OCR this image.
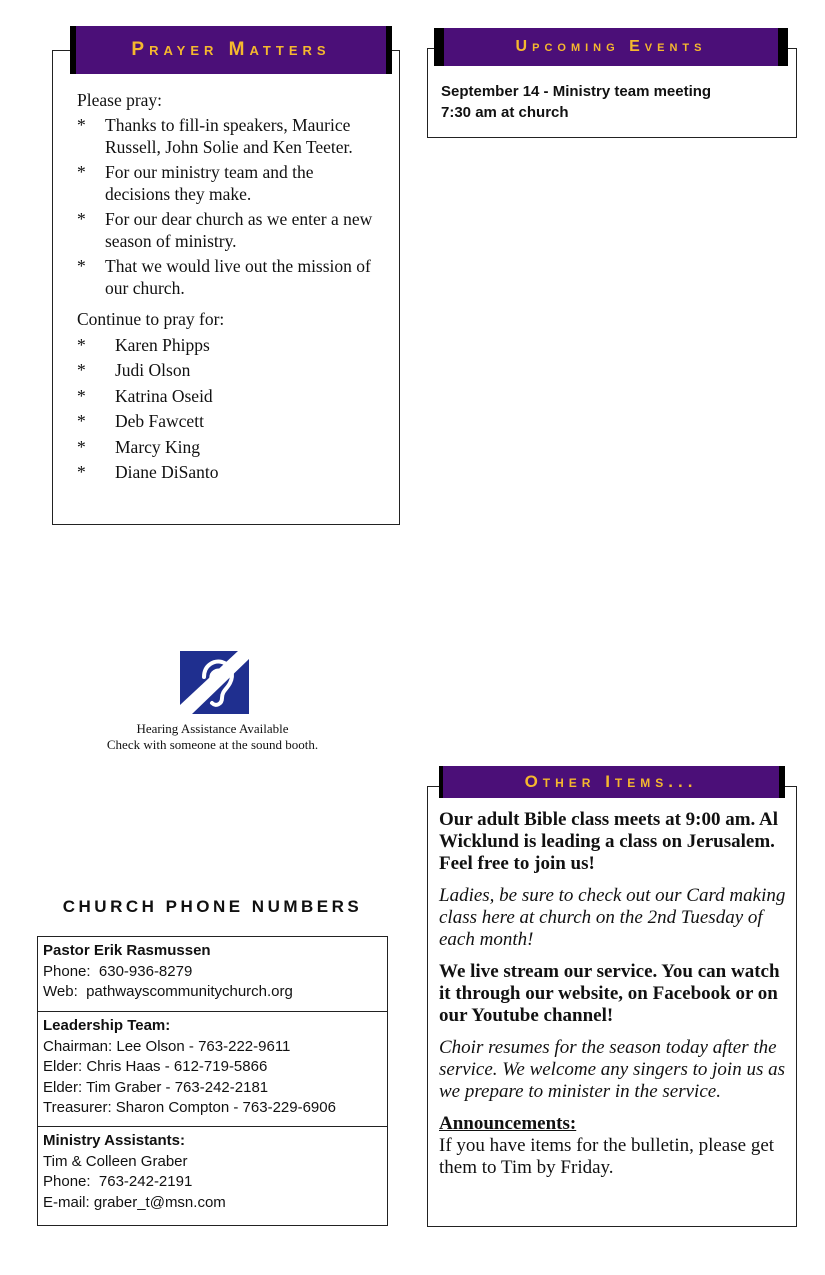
Please pray:
*	Thanks to fill-in speakers, Maurice Russell, John Solie and Ken Teeter.
*	For our ministry team and the decisions they make.
*	For our dear church as we enter a new season of ministry.
*	That we would live out the mission of our church.
Continue to pray for:
*	Karen Phipps
*	Judi Olson
*	Katrina Oseid
*	Deb Fawcett
*	Marcy King
*	Diane DiSanto
Prayer Matters
September 14 - Ministry team meeting
7:30 am at church
Upcoming Events
Hearing Assistance Available
Check with someone at the sound booth.
CHURCH PHONE NUMBERS
Pastor Erik Rasmussen
Phone: 630-936-8279
Web: pathwayscommunitychurch.org
Leadership Team:
Chairman: Lee Olson - 763-222-9611
Elder: Chris Haas - 612-719-5866
Elder: Tim Graber - 763-242-2181
Treasurer: Sharon Compton - 763-229-6906
Ministry Assistants:
Tim & Colleen Graber
Phone: 763-242-2191
E-mail: graber_t@msn.com
Our adult Bible class meets at 9:00 am. Al Wicklund is leading a class on Jerusalem. Feel free to join us!
Ladies, be sure to check out our Card making class here at church on the 2nd Tuesday of each month!
We live stream our service. You can watch it through our website, on Facebook or on our Youtube channel!
Choir resumes for the season today after the service. We welcome any singers to join us as we prepare to minister in the service.
Announcements:
If you have items for the bulletin, please get them to Tim by Friday.
Other Items...
